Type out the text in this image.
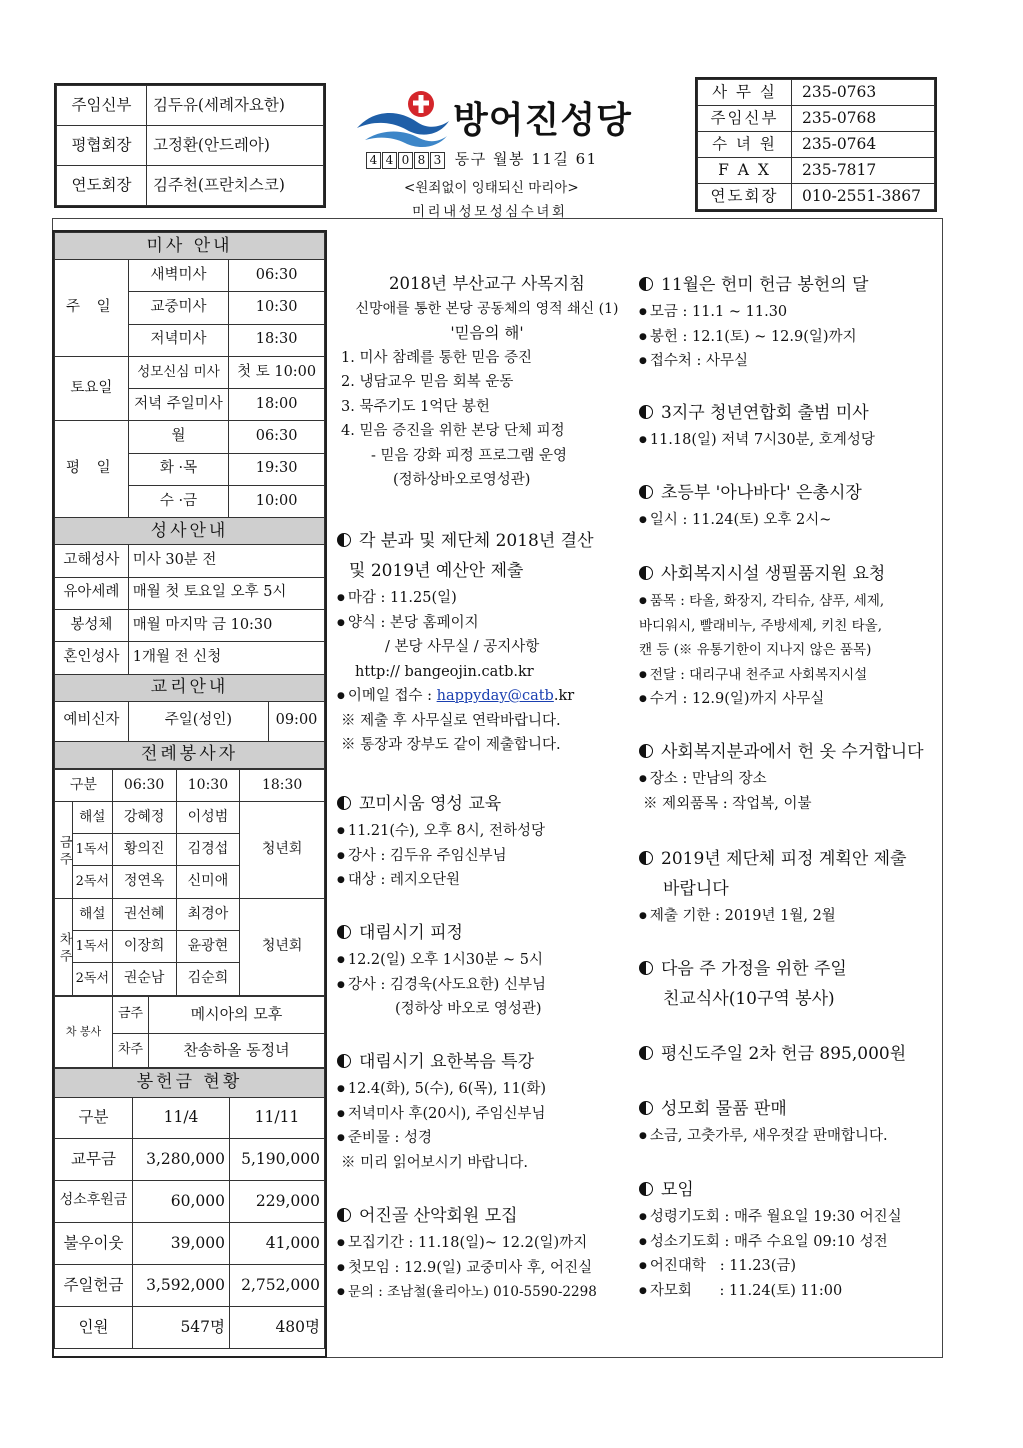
주임신부	김두유(세례자요한)
평협회장	고정환(안드레아)
연도회장	김주천(프란치스코)
방어진성당
4 4 0 8 3 동구 월봉 11길 61
<원죄없이 잉태되신 마리아>
미리내성모성심수녀회
사 무 실	235-0763
주임신부	235-0768
수 녀 원	235-0764
F A X	235-7817
연도회장	010-2551-3867
미사 안내			
주 일	새벽미사	06:30	
	교중미사	10:30	
	저녁미사	18:30	
토요일	성모신심 미사	첫 토 10:00	
	저녁 주일미사	18:00	
평 일	월	06:30	
	화 ·목	19:30	
	수 ·금	10:00	
성사안내			
고해성사	미사 30분 전		
유아세례	매월 첫 토요일 오후 5시		
봉성체	매월 마지막 금 10:30		
혼인성사	1개월 전 신청		
교리안내			
예비신자	주일(성인)		09:00
전례봉사자			
구분		06:30	10:30	18:30
금 주	해설	강혜정	이성범	청년회
	1독서	황의진	김경섭	
	2독서	정연옥	신미애	
차 주	해설	권선혜	최경아	청년회
	1독서	이장희	윤광현	
	2독서	권순남	김순희	
차 봉사	금주	메시아의 모후
	차주	찬송하올 동정녀
봉헌금 현황		
구분	11/4	11/11
교무금	3,280,000	5,190,000
성소후원금	60,000	229,000
불우이웃	39,000	41,000
주일헌금	3,592,000	2,752,000
인원	547명	480명
2018년 부산교구 사목지침
신망애를 통한 본당 공동체의 영적 쇄신 (1)
'믿음의 해'
1. 미사 참례를 통한 믿음 증진
2. 냉담교우 믿음 회복 운동
3. 묵주기도 1억단 봉헌
4. 믿음 증진을 위한 본당 단체 피정
- 믿음 강화 피정 프로그램 운영
(정하상바오로영성관)
각 분과 및 제단체 2018년 결산
및 2019년 예산안 제출
● 마감 : 11.25(일)
● 양식 : 본당 홈페이지
/ 본당 사무실 / 공지사항
http:// bangeojin.catb.kr
● 이메일 접수 : happyday@catb.kr
※ 제출 후 사무실로 연락바랍니다.
※ 통장과 장부도 같이 제출합니다.
꼬미시움 영성 교육
● 11.21(수), 오후 8시, 전하성당
● 강사 : 김두유 주임신부님
● 대상 : 레지오단원
대림시기 피정
● 12.2(일) 오후 1시30분 ~ 5시
● 강사 : 김경욱(사도요한) 신부님
(정하상 바오로 영성관)
대림시기 요한복음 특강
● 12.4(화), 5(수), 6(목), 11(화)
● 저녁미사 후(20시), 주임신부님
● 준비물 : 성경
※ 미리 읽어보시기 바랍니다.
어진골 산악회원 모집
● 모집기간 : 11.18(일)~ 12.2(일)까지
● 첫모임 : 12.9(일) 교중미사 후, 어진실
● 문의 : 조남철(율리아노) 010-5590-2298
11월은 헌미 헌금 봉헌의 달
● 모금 : 11.1 ~ 11.30
● 봉헌 : 12.1(토) ~ 12.9(일)까지
● 접수처 : 사무실
3지구 청년연합회 출범 미사
● 11.18(일) 저녁 7시30분, 호계성당
초등부 '아나바다' 은총시장
● 일시 : 11.24(토) 오후 2시~
사회복지시설 생필품지원 요청
● 품목 : 타올, 화장지, 각티슈, 샴푸, 세제,
바디워시, 빨래비누, 주방세제, 키친 타올,
캔 등 (※ 유통기한이 지나지 않은 품목)
● 전달 : 대리구내 천주교 사회복지시설
● 수거 : 12.9(일)까지 사무실
사회복지분과에서 헌 옷 수거합니다
● 장소 : 만남의 장소
※ 제외품목 : 작업복, 이불
2019년 제단체 피정 계획안 제출
바랍니다
● 제출 기한 : 2019년 1월, 2월
다음 주 가정을 위한 주일
친교식사(10구역 봉사)
평신도주일 2차 헌금 895,000원
성모회 물품 판매
● 소금, 고춧가루, 새우젓갈 판매합니다.
모임
● 성령기도회 : 매주 월요일 19:30 어진실
● 성소기도회 : 매주 수요일 09:10 성전
● 어진대학   : 11.23(금)
● 자모회      : 11.24(토) 11:00
